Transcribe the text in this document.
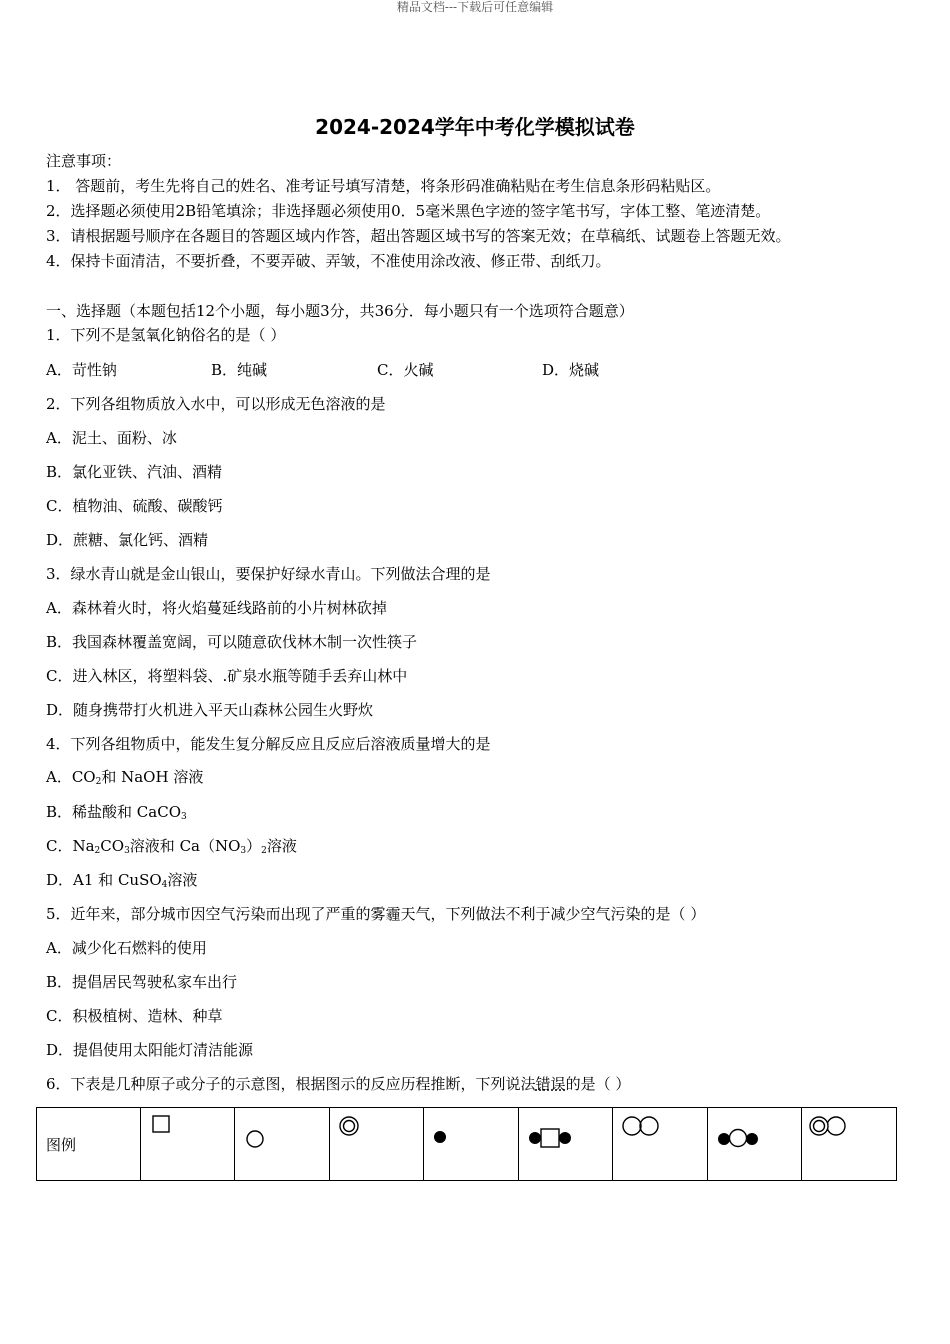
精品文档---下载后可任意编辑
2024-2024学年中考化学模拟试卷
注意事项：
1． 答题前，考生先将自己的姓名、准考证号填写清楚，将条形码准确粘贴在考生信息条形码粘贴区。
2．选择题必须使用2B铅笔填涂；非选择题必须使用0．5毫米黑色字迹的签字笔书写，字体工整、笔迹清楚。
3．请根据题号顺序在各题目的答题区域内作答，超出答题区域书写的答案无效；在草稿纸、试题卷上答题无效。
4．保持卡面清洁，不要折叠，不要弄破、弄皱，不准使用涂改液、修正带、刮纸刀。
一、选择题（本题包括12个小题，每小题3分，共36分．每小题只有一个选项符合题意）
1．下列不是氢氧化钠俗名的是（ ）
A．苛性钠	B．纯碱	C．火碱	D．烧碱
2．下列各组物质放入水中，可以形成无色溶液的是
A．泥土、面粉、冰
B．氯化亚铁、汽油、酒精
C．植物油、硫酸、碳酸钙
D．蔗糖、氯化钙、酒精
3．绿水青山就是金山银山，要保护好绿水青山。下列做法合理的是
A．森林着火时，将火焰蔓延线路前的小片树林砍掉
B．我国森林覆盖宽阔，可以随意砍伐林木制一次性筷子
C．进入林区，将塑料袋、.矿泉水瓶等随手丢弃山林中
D．随身携带打火机进入平天山森林公园生火野炊
4．下列各组物质中，能发生复分解反应且反应后溶液质量增大的是
A．$CO_2$和 NaOH 溶液
B．稀盐酸和 CaCO$_3$
C．$Na_2CO_3$溶液和 $Ca(NO_3)_2$溶液
D．A1 和 CuSO$_4$溶液
5．近年来，部分城市因空气污染而出现了严重的雾霾天气，下列做法不利于减少空气污染的是（ ）
A．减少化石燃料的使用
B．提倡居民驾驶私家车出行
C．积极植树、造林、种草
D．提倡使用太阳能灯清洁能源
6．下表是几种原子或分子的示意图，根据图示的反应历程推断，下列说法错误的是（ ）
图例	
